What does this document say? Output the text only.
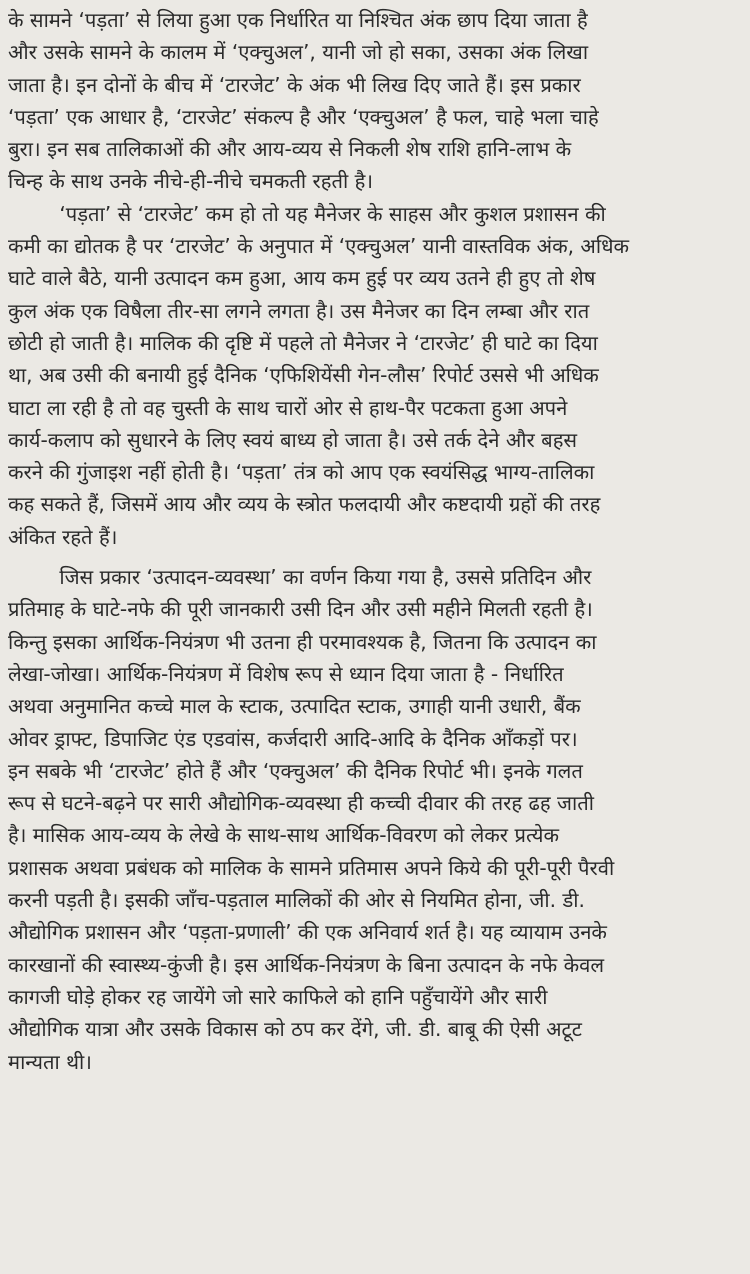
के सामने ‘पड़ता’ से लिया हुआ एक निर्धारित या निश्चित अंक छाप दिया जाता है
और उसके सामने के कालम में ‘एक्चुअल’, यानी जो हो सका, उसका अंक लिखा
जाता है। इन दोनों के बीच में ‘टारजेट’ के अंक भी लिख दिए जाते हैं। इस प्रकार
‘पड़ता’ एक आधार है, ‘टारजेट’ संकल्प है और ‘एक्चुअल’ है फल, चाहे भला चाहे
बुरा। इन सब तालिकाओं की और आय-व्यय से निकली शेष राशि हानि-लाभ के
चिन्ह के साथ उनके नीचे-ही-नीचे चमकती रहती है।
‘पड़ता’ से ‘टारजेट’ कम हो तो यह मैनेजर के साहस और कुशल प्रशासन की
कमी का द्योतक है पर ‘टारजेट’ के अनुपात में ‘एक्चुअल’ यानी वास्तविक अंक, अधिक
घाटे वाले बैठे, यानी उत्पादन कम हुआ, आय कम हुई पर व्यय उतने ही हुए तो शेष
कुल अंक एक विषैला तीर-सा लगने लगता है। उस मैनेजर का दिन लम्बा और रात
छोटी हो जाती है। मालिक की दृष्टि में पहले तो मैनेजर ने ‘टारजेट’ ही घाटे का दिया
था, अब उसी की बनायी हुई दैनिक ‘एफिशियेंसी गेन-लौस’ रिपोर्ट उससे भी अधिक
घाटा ला रही है तो वह चुस्ती के साथ चारों ओर से हाथ-पैर पटकता हुआ अपने
कार्य-कलाप को सुधारने के लिए स्वयं बाध्य हो जाता है। उसे तर्क देने और बहस
करने की गुंजाइश नहीं होती है। ‘पड़ता’ तंत्र को आप एक स्वयंसिद्ध भाग्य-तालिका
कह सकते हैं, जिसमें आय और व्यय के स्त्रोत फलदायी और कष्टदायी ग्रहों की तरह
अंकित रहते हैं।
जिस प्रकार ‘उत्पादन-व्यवस्था’ का वर्णन किया गया है, उससे प्रतिदिन और
प्रतिमाह के घाटे-नफे की पूरी जानकारी उसी दिन और उसी महीने मिलती रहती है।
किन्तु इसका आर्थिक-नियंत्रण भी उतना ही परमावश्यक है, जितना कि उत्पादन का
लेखा-जोखा। आर्थिक-नियंत्रण में विशेष रूप से ध्यान दिया जाता है - निर्धारित
अथवा अनुमानित कच्चे माल के स्टाक, उत्पादित स्टाक, उगाही यानी उधारी, बैंक
ओवर ड्राफ्ट, डिपाजिट एंड एडवांस, कर्जदारी आदि-आदि के दैनिक आँकड़ों पर।
इन सबके भी ‘टारजेट’ होते हैं और ‘एक्चुअल’ की दैनिक रिपोर्ट भी। इनके गलत
रूप से घटने-बढ़ने पर सारी औद्योगिक-व्यवस्था ही कच्ची दीवार की तरह ढह जाती
है। मासिक आय-व्यय के लेखे के साथ-साथ आर्थिक-विवरण को लेकर प्रत्येक
प्रशासक अथवा प्रबंधक को मालिक के सामने प्रतिमास अपने किये की पूरी-पूरी पैरवी
करनी पड़ती है। इसकी जाँच-पड़ताल मालिकों की ओर से नियमित होना, जी. डी.
औद्योगिक प्रशासन और ‘पड़ता-प्रणाली’ की एक अनिवार्य शर्त है। यह व्यायाम उनके
कारखानों की स्वास्थ्य-कुंजी है। इस आर्थिक-नियंत्रण के बिना उत्पादन के नफे केवल
कागजी घोड़े होकर रह जायेंगे जो सारे काफिले को हानि पहुँचायेंगे और सारी
औद्योगिक यात्रा और उसके विकास को ठप कर देंगे, जी. डी. बाबू की ऐसी अटूट
मान्यता थी।
